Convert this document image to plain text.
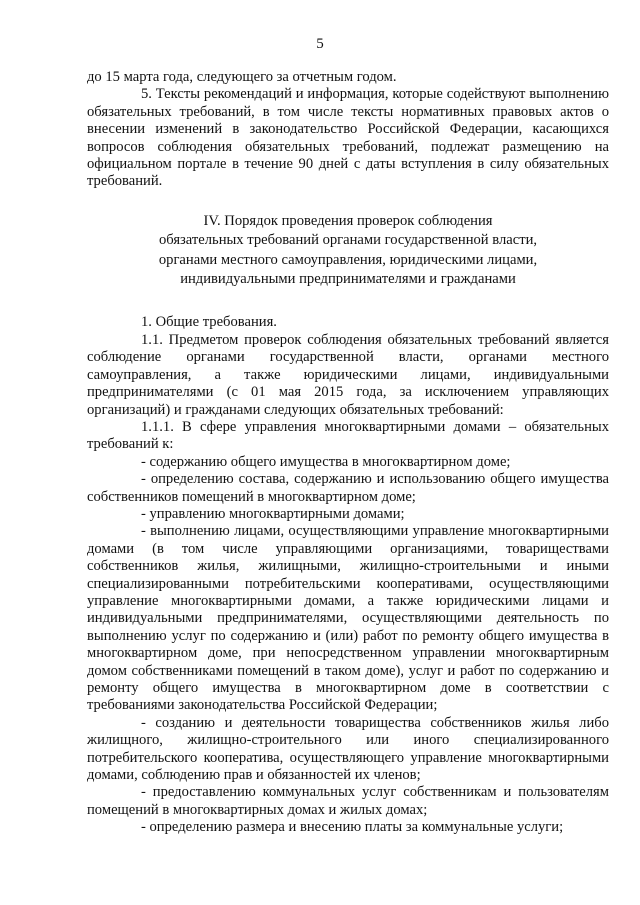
5

до 15 марта года, следующего за отчетным годом.

5. Тексты рекомендаций и информация, которые содействуют выполнению обязательных требований, в том числе тексты нормативных правовых актов о внесении изменений в законодательство Российской Федерации, касающихся вопросов соблюдения обязательных требований, подлежат размещению на официальном портале в течение 90 дней с даты вступления в силу обязательных требований.

IV. Порядок проведения проверок соблюдения
обязательных требований органами государственной власти,
органами местного самоуправления, юридическими лицами,
индивидуальными предпринимателями и гражданами

1. Общие требования.

1.1. Предметом проверок соблюдения обязательных требований является соблюдение органами государственной власти, органами местного самоуправления, а также юридическими лицами, индивидуальными предпринимателями (с 01 мая 2015 года, за исключением управляющих организаций) и гражданами следующих обязательных требований:

1.1.1. В сфере управления многоквартирными домами – обязательных требований к:

- содержанию общего имущества в многоквартирном доме;

- определению состава, содержанию и использованию общего имущества собственников помещений в многоквартирном доме;

- управлению многоквартирными домами;

- выполнению лицами, осуществляющими управление многоквартирными домами (в том числе управляющими организациями, товариществами собственников жилья, жилищными, жилищно-строительными и иными специализированными потребительскими кооперативами, осуществляющими управление многоквартирными домами, а также юридическими лицами и индивидуальными предпринимателями, осуществляющими деятельность по выполнению услуг по содержанию и (или) работ по ремонту общего имущества в многоквартирном доме, при непосредственном управлении многоквартирным домом собственниками помещений в таком доме), услуг и работ по содержанию и ремонту общего имущества в многоквартирном доме в соответствии с требованиями законодательства Российской Федерации;

- созданию и деятельности товарищества собственников жилья либо жилищного, жилищно-строительного или иного специализированного потребительского кооператива, осуществляющего управление многоквартирными домами, соблюдению прав и обязанностей их членов;

- предоставлению коммунальных услуг собственникам и пользователям помещений в многоквартирных домах и жилых домах;

- определению размера и внесению платы за коммунальные услуги;
